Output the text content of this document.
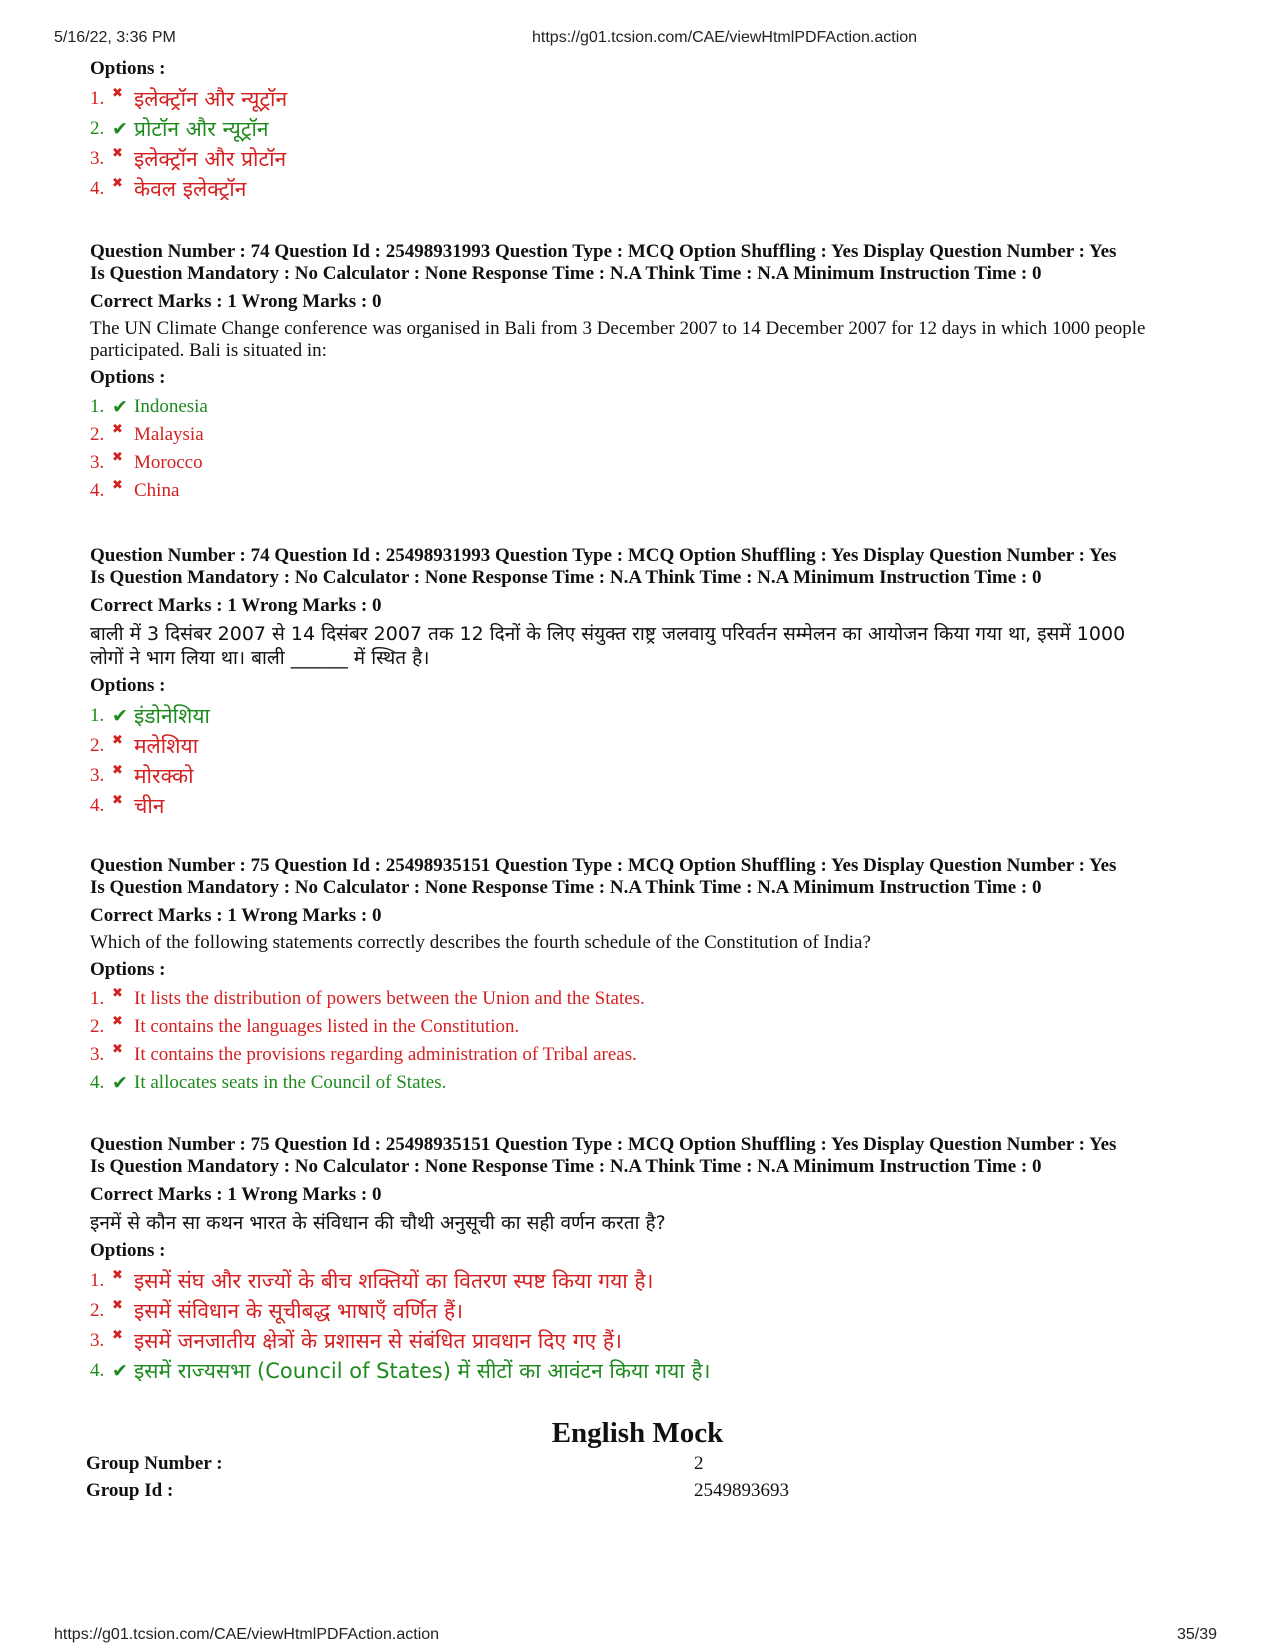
5/16/22, 3:36 PM	https://g01.tcsion.com/CAE/viewHtmlPDFAction.action
Options :
1. ✖ इलेक्ट्रॉन और न्यूट्रॉन
2. ✔ प्रोटॉन और न्यूट्रॉन
3. ✖ इलेक्ट्रॉन और प्रोटॉन
4. ✖ केवल इलेक्ट्रॉन

Question Number : 74 Question Id : 25498931993 Question Type : MCQ Option Shuffling : Yes Display Question Number : Yes

Is Question Mandatory : No Calculator : None Response Time : N.A Think Time : N.A Minimum Instruction Time : 0

Correct Marks : 1 Wrong Marks : 0
The UN Climate Change conference was organised in Bali from 3 December 2007 to 14 December 2007 for 12 days in which 1000 people participated. Bali is situated in:
Options :
1. ✔ Indonesia
2. ✖ Malaysia
3. ✖ Morocco
4. ✖ China

Question Number : 74 Question Id : 25498931993 Question Type : MCQ Option Shuffling : Yes Display Question Number : Yes

Is Question Mandatory : No Calculator : None Response Time : N.A Think Time : N.A Minimum Instruction Time : 0

Correct Marks : 1 Wrong Marks : 0
बाली में 3 दिसंबर 2007 से 14 दिसंबर 2007 तक 12 दिनों के लिए संयुक्त राष्ट्र जलवायु परिवर्तन सम्मेलन का आयोजन किया गया था, इसमें 1000
लोगों ने भाग लिया था। बाली ______ में स्थित है।
Options :
1. ✔ इंडोनेशिया
2. ✖ मलेशिया
3. ✖ मोरक्को
4. ✖ चीन

Question Number : 75 Question Id : 25498935151 Question Type : MCQ Option Shuffling : Yes Display Question Number : Yes

Is Question Mandatory : No Calculator : None Response Time : N.A Think Time : N.A Minimum Instruction Time : 0

Correct Marks : 1 Wrong Marks : 0
Which of the following statements correctly describes the fourth schedule of the Constitution of India?
Options :
1. ✖ It lists the distribution of powers between the Union and the States.
2. ✖ It contains the languages listed in the Constitution.
3. ✖ It contains the provisions regarding administration of Tribal areas.
4. ✔ It allocates seats in the Council of States.

Question Number : 75 Question Id : 25498935151 Question Type : MCQ Option Shuffling : Yes Display Question Number : Yes

Is Question Mandatory : No Calculator : None Response Time : N.A Think Time : N.A Minimum Instruction Time : 0

Correct Marks : 1 Wrong Marks : 0
इनमें से कौन सा कथन भारत के संविधान की चौथी अनुसूची का सही वर्णन करता है?
Options :
1. ✖ इसमें संघ और राज्यों के बीच शक्तियों का वितरण स्पष्ट किया गया है।
2. ✖ इसमें संविधान के सूचीबद्ध भाषाएँ वर्णित हैं।
3. ✖ इसमें जनजातीय क्षेत्रों के प्रशासन से संबंधित प्रावधान दिए गए हैं।
4. ✔ इसमें राज्यसभा (Council of States) में सीटों का आवंटन किया गया है।
English Mock
Group Number :	2
Group Id :	2549893693
https://g01.tcsion.com/CAE/viewHtmlPDFAction.action	35/39
